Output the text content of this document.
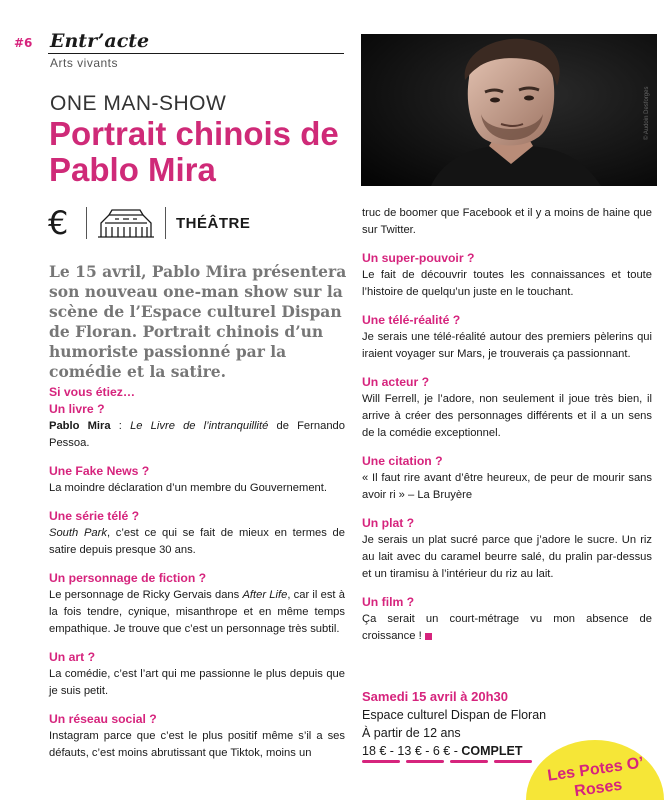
#6 Entr’acte
Arts vivants
ONE MAN-SHOW
Portrait chinois de Pablo Mira
€	THÉÂTRE

Le 15 avril, Pablo Mira présentera son nouveau one-man show sur la scène de l’Espace culturel Dispan de Floran. Portrait chinois d’un humoriste passionné par la comédie et la satire.

Si vous étiez…
Un livre ?
Pablo Mira : Le Livre de l’intranquillité de Fernando Pessoa.
Une Fake News ?
La moindre déclaration d’un membre du Gouvernement.
Une série télé ?
South Park, c’est ce qui se fait de mieux en termes de satire depuis presque 30 ans.
Un personnage de fiction ?
Le personnage de Ricky Gervais dans After Life, car il est à la fois tendre, cynique, misanthrope et en même temps empathique. Je trouve que c’est un personnage très subtil.
Un art ?
La comédie, c’est l’art qui me passionne le plus depuis que je suis petit.
Un réseau social ?
Instagram parce que c’est le plus positif même s’il a ses défauts, c’est moins abrutissant que Tiktok, moins un
© Audoin Desforges
truc de boomer que Facebook et il y a moins de haine que sur Twitter.
Un super-pouvoir ?
Le fait de découvrir toutes les connaissances et toute l’histoire de quelqu’un juste en le touchant.
Une télé-réalité ?
Je serais une télé-réalité autour des premiers pèlerins qui iraient voyager sur Mars, je trouverais ça passionnant.
Un acteur ?
Will Ferrell, je l’adore, non seulement il joue très bien, il arrive à créer des personnages différents et il a un sens de la comédie exceptionnel.
Une citation ?
« Il faut rire avant d’être heureux, de peur de mourir sans avoir ri » – La Bruyère
Un plat ?
Je serais un plat sucré parce que j’adore le sucre. Un riz au lait avec du caramel beurre salé, du pralin par-dessus et un tiramisu à l’intérieur du riz au lait.
Un film ?
Ça serait un court-métrage vu mon absence de croissance !
Samedi 15 avril à 20h30
Espace culturel Dispan de Floran
À partir de 12 ans
18 € - 13 € - 6 € - COMPLET
Les Potes O’ Roses
